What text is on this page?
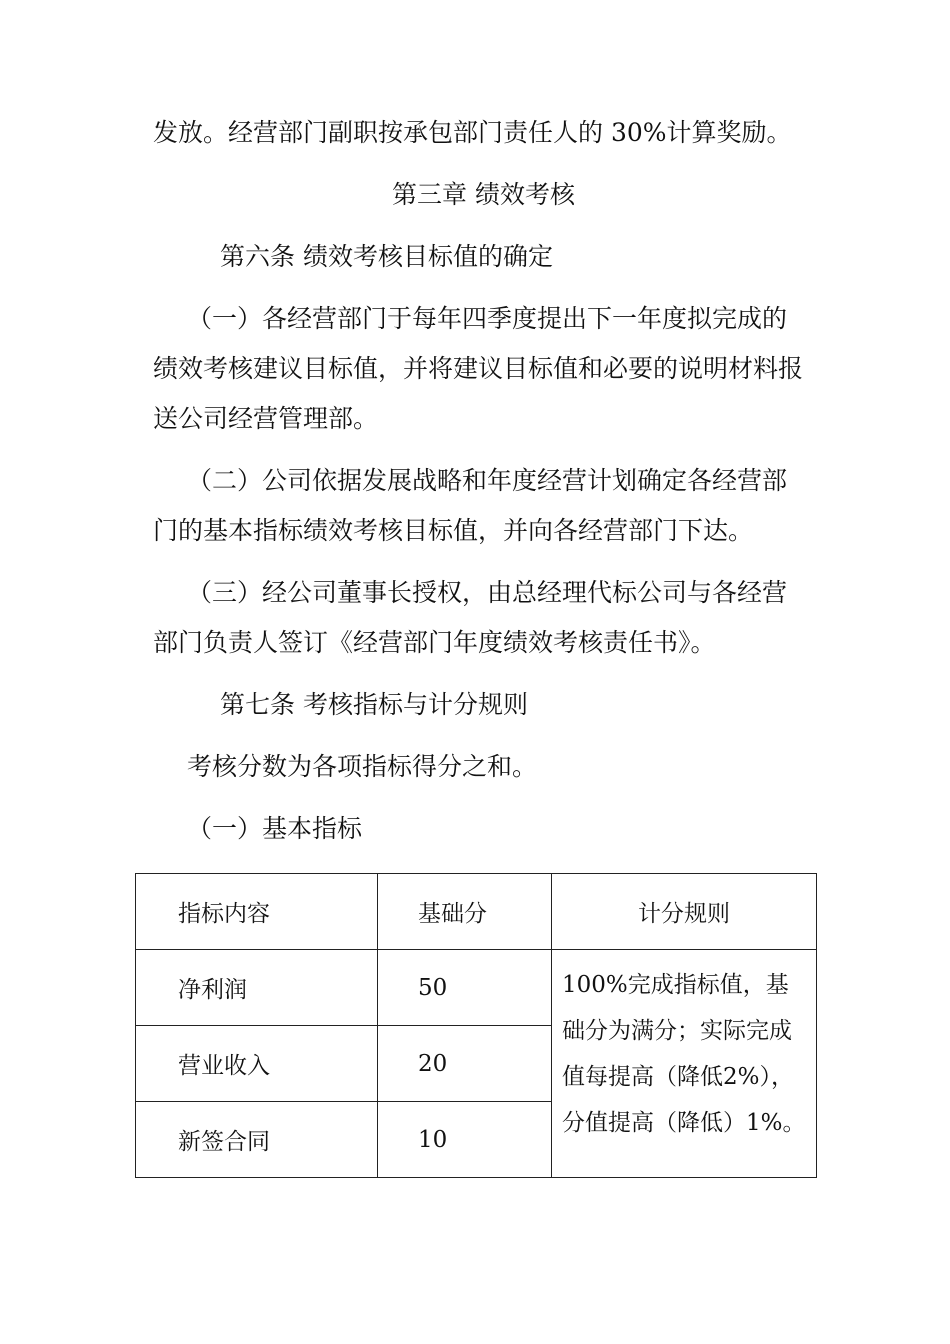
发放。经营部门副职按承包部门责任人的 30%计算奖励。
第三章 绩效考核
第六条 绩效考核目标值的确定
（一）各经营部门于每年四季度提出下一年度拟完成的
绩效考核建议目标值，并将建议目标值和必要的说明材料报
送公司经营管理部。
（二）公司依据发展战略和年度经营计划确定各经营部
门的基本指标绩效考核目标值，并向各经营部门下达。
（三）经公司董事长授权，由总经理代标公司与各经营
部门负责人签订《经营部门年度绩效考核责任书》。
第七条 考核指标与计分规则
考核分数为各项指标得分之和。
（一）基本指标
指标内容	基础分	计分规则
净利润	50	100%完成指标值，基础分为满分；实际完成值每提高（降低2%），分值提高（降低）1%。
营业收入	20	
新签合同	10	
